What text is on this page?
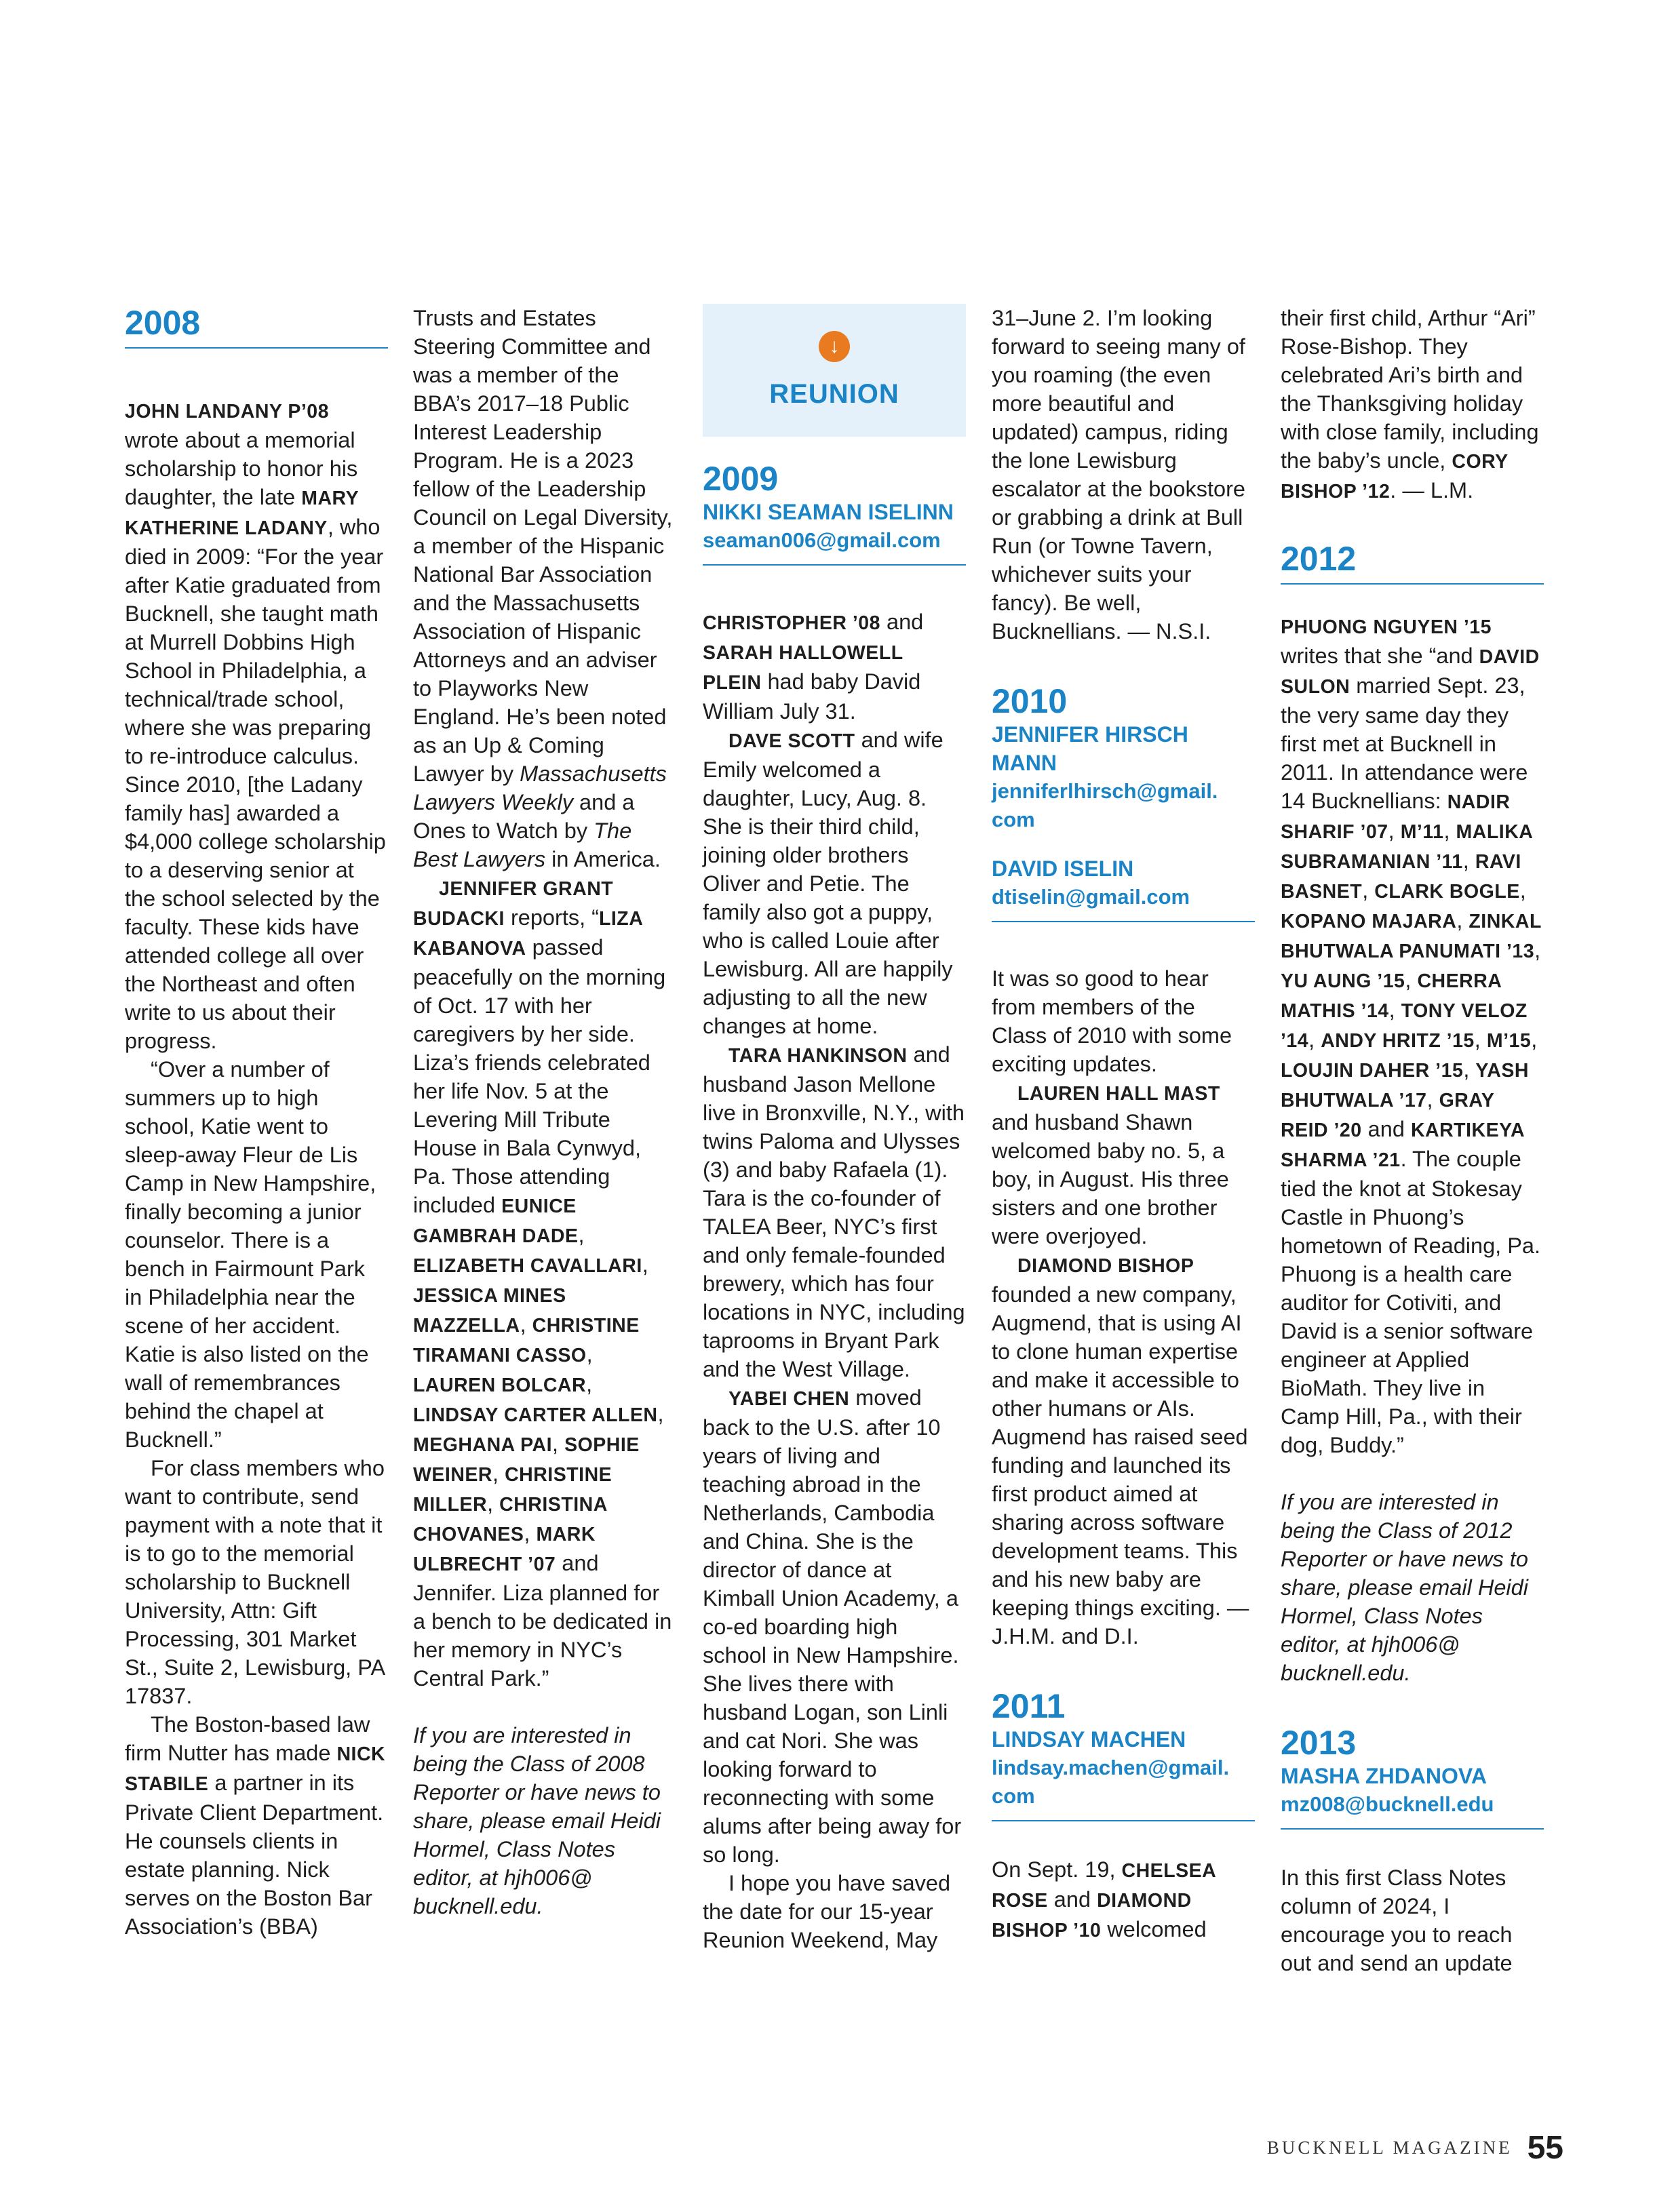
2008

JOHN LANDANY P’08 wrote about a memorial scholarship to honor his daughter, the late MARY KATHERINE LADANY, who died in 2009: “For the year after Katie graduated from Bucknell, she taught math at Murrell Dobbins High School in Philadelphia, a technical/trade school, where she was preparing to re-introduce calculus. Since 2010, [the Ladany family has] awarded a $4,000 college scholarship to a deserving senior at the school selected by the faculty. These kids have attended college all over the Northeast and often write to us about their progress.

“Over a number of summers up to high school, Katie went to sleep-away Fleur de Lis Camp in New Hampshire, finally becoming a junior counselor. There is a bench in Fairmount Park in Philadelphia near the scene of her accident. Katie is also listed on the wall of remembrances behind the chapel at Bucknell.”

For class members who want to contribute, send payment with a note that it is to go to the memorial scholarship to Bucknell University, Attn: Gift Processing, 301 Market St., Suite 2, Lewisburg, PA 17837.

The Boston-based law firm Nutter has made NICK STABILE a partner in its Private Client Department. He counsels clients in estate planning. Nick serves on the Boston Bar Association’s (BBA)

Trusts and Estates Steering Committee and was a member of the BBA’s 2017–18 Public Interest Leadership Program. He is a 2023 fellow of the Leadership Council on Legal Diversity, a member of the Hispanic National Bar Association and the Massachusetts Association of Hispanic Attorneys and an adviser to Playworks New England. He’s been noted as an Up & Coming Lawyer by Massachusetts Lawyers Weekly and a Ones to Watch by The Best Lawyers in America.

JENNIFER GRANT BUDACKI reports, “LIZA KABANOVA passed peacefully on the morning of Oct. 17 with her caregivers by her side. Liza’s friends celebrated her life Nov. 5 at the Levering Mill Tribute House in Bala Cynwyd, Pa. Those attending included EUNICE GAMBRAH DADE, ELIZABETH CAVALLARI, JESSICA MINES MAZZELLA, CHRISTINE TIRAMANI CASSO, LAUREN BOLCAR, LINDSAY CARTER ALLEN, MEGHANA PAI, SOPHIE WEINER, CHRISTINE MILLER, CHRISTINA CHOVANES, MARK ULBRECHT ’07 and Jennifer. Liza planned for a bench to be dedicated in her memory in NYC’s Central Park.”

If you are interested in being the Class of 2008 Reporter or have news to share, please email Heidi Hormel, Class Notes editor, at hjh006@ bucknell.edu.

↓
REUNION
2009
NIKKI SEAMAN ISELINN
seaman006@gmail.com

CHRISTOPHER ’08 and SARAH HALLOWELL PLEIN had baby David William July 31.

DAVE SCOTT and wife Emily welcomed a daughter, Lucy, Aug. 8. She is their third child, joining older brothers Oliver and Petie. The family also got a puppy, who is called Louie after Lewisburg. All are happily adjusting to all the new changes at home.

TARA HANKINSON and husband Jason Mellone live in Bronxville, N.Y., with twins Paloma and Ulysses (3) and baby Rafaela (1). Tara is the co-founder of TALEA Beer, NYC’s first and only female-founded brewery, which has four locations in NYC, including taprooms in Bryant Park and the West Village.

YABEI CHEN moved back to the U.S. after 10 years of living and teaching abroad in the Netherlands, Cambodia and China. She is the director of dance at Kimball Union Academy, a co-ed boarding high school in New Hampshire. She lives there with husband Logan, son Linli and cat Nori. She was looking forward to reconnecting with some alums after being away for so long.

I hope you have saved the date for our 15-year Reunion Weekend, May

31–June 2. I’m looking forward to seeing many of you roaming (the even more beautiful and updated) campus, riding the lone Lewisburg escalator at the bookstore or grabbing a drink at Bull Run (or Towne Tavern, whichever suits your fancy). Be well, Bucknellians. — N.S.I.

2010
JENNIFER HIRSCH MANN
jenniferlhirsch@gmail. com
DAVID ISELIN
dtiselin@gmail.com

It was so good to hear from members of the Class of 2010 with some exciting updates.

LAUREN HALL MAST and husband Shawn welcomed baby no. 5, a boy, in August. His three sisters and one brother were overjoyed.

DIAMOND BISHOP founded a new company, Augmend, that is using AI to clone human expertise and make it accessible to other humans or AIs. Augmend has raised seed funding and launched its first product aimed at sharing across software development teams. This and his new baby are keeping things exciting. — J.H.M. and D.I.

2011
LINDSAY MACHEN
lindsay.machen@gmail. com

On Sept. 19, CHELSEA ROSE and DIAMOND BISHOP ’10 welcomed

their first child, Arthur “Ari” Rose-Bishop. They celebrated Ari’s birth and the Thanksgiving holiday with close family, including the baby’s uncle, CORY BISHOP ’12. — L.M.

2012

PHUONG NGUYEN ’15 writes that she “and DAVID SULON married Sept. 23, the very same day they first met at Bucknell in 2011. In attendance were 14 Bucknellians: NADIR SHARIF ’07, M’11, MALIKA SUBRAMANIAN ’11, RAVI BASNET, CLARK BOGLE, KOPANO MAJARA, ZINKAL BHUTWALA PANUMATI ’13, YU AUNG ’15, CHERRA MATHIS ’14, TONY VELOZ ’14, ANDY HRITZ ’15, M’15, LOUJIN DAHER ’15, YASH BHUTWALA ’17, GRAY REID ’20 and KARTIKEYA SHARMA ’21. The couple tied the knot at Stokesay Castle in Phuong’s hometown of Reading, Pa. Phuong is a health care auditor for Cotiviti, and David is a senior software engineer at Applied BioMath. They live in Camp Hill, Pa., with their dog, Buddy.”

If you are interested in being the Class of 2012 Reporter or have news to share, please email Heidi Hormel, Class Notes editor, at hjh006@ bucknell.edu.

2013
MASHA ZHDANOVA
mz008@bucknell.edu

In this first Class Notes column of 2024, I encourage you to reach out and send an update

BUCKNELL MAGAZINE 55
